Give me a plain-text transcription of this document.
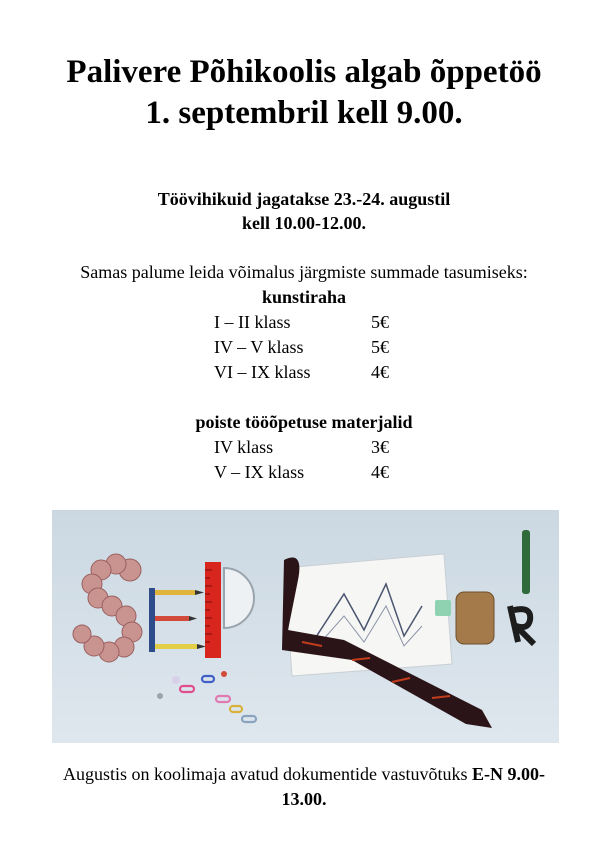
Palivere Põhikoolis algab õppetöö
1. septembril kell 9.00.
Töövihikuid jagatakse 23.-24. augustil
kell 10.00-12.00.
Samas palume leida võimalus järgmiste summade tasumiseks:
kunstiraha
I – II klass	5€
IV – V klass	5€
VI – IX klass	4€
poiste tööõpetuse materjalid
IV klass	3€
V – IX klass	4€
Augustis on koolimaja avatud dokumentide vastuvõtuks E-N 9.00-
13.00.
